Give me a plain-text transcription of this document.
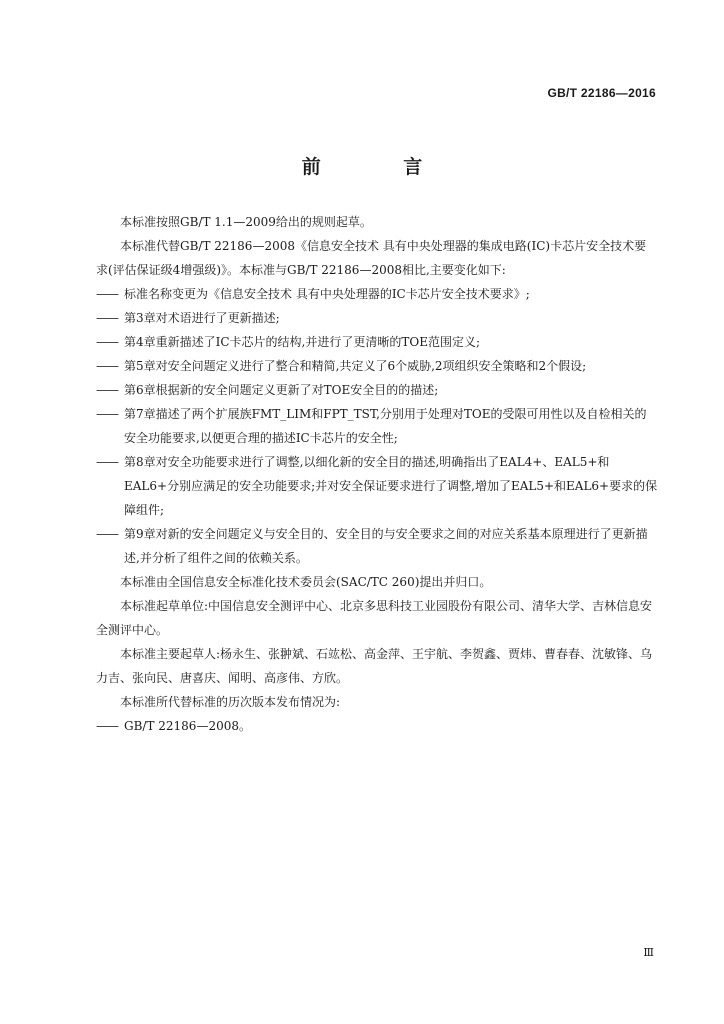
GB/T 22186—2016
前 言

本标准按照GB/T 1.1—2009给出的规则起草。

本标准代替GB/T 22186—2008《信息安全技术 具有中央处理器的集成电路(IC)卡芯片安全技术要求(评估保证级4增强级)》。本标准与GB/T 22186—2008相比,主要变化如下:

—— 标准名称变更为《信息安全技术 具有中央处理器的IC卡芯片安全技术要求》;
—— 第3章对术语进行了更新描述;
—— 第4章重新描述了IC卡芯片的结构,并进行了更清晰的TOE范围定义;
—— 第5章对安全问题定义进行了整合和精简,共定义了6个威胁,2项组织安全策略和2个假设;
—— 第6章根据新的安全问题定义更新了对TOE安全目的的描述;
—— 第7章描述了两个扩展族FMT_LIM和FPT_TST,分别用于处理对TOE的受限可用性以及自检相关的安全功能要求,以便更合理的描述IC卡芯片的安全性;
—— 第8章对安全功能要求进行了调整,以细化新的安全目的描述,明确指出了EAL4+、EAL5+和EAL6+分别应满足的安全功能要求;并对安全保证要求进行了调整,增加了EAL5+和EAL6+要求的保障组件;
—— 第9章对新的安全问题定义与安全目的、安全目的与安全要求之间的对应关系基本原理进行了更新描述,并分析了组件之间的依赖关系。

本标准由全国信息安全标准化技术委员会(SAC/TC 260)提出并归口。

本标准起草单位:中国信息安全测评中心、北京多思科技工业园股份有限公司、清华大学、吉林信息安全测评中心。

本标准主要起草人:杨永生、张翀斌、石竑松、高金萍、王宇航、李贺鑫、贾炜、曹春春、沈敏锋、乌力吉、张向民、唐喜庆、闻明、高彦伟、方欣。

本标准所代替标准的历次版本发布情况为:

—— GB/T 22186—2008。
Ⅲ
